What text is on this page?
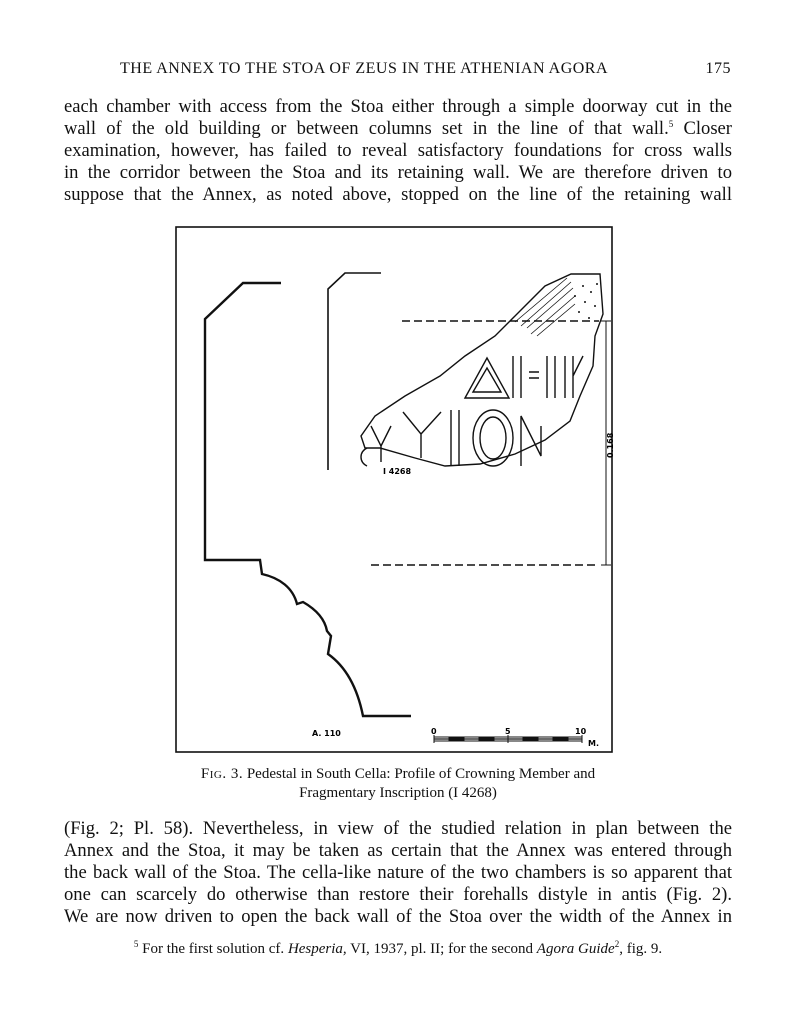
THE ANNEX TO THE STOA OF ZEUS IN THE ATHENIAN AGORA	175
each chamber with access from the Stoa either through a simple doorway cut in the
wall of the old building or between columns set in the line of that wall.$^5$ Closer
examination, however, has failed to reveal satisfactory foundations for cross walls
in the corridor between the Stoa and its retaining wall. We are therefore driven to
suppose that the Annex, as noted above, stopped on the line of the retaining wall
0.168
I 4268
A. 110	0	5	10
M.
Fig. 3. Pedestal in South Cella: Profile of Crowning Member and
Fragmentary Inscription (I 4268)
(Fig. 2; Pl. 58). Nevertheless, in view of the studied relation in plan between the
Annex and the Stoa, it may be taken as certain that the Annex was entered through
the back wall of the Stoa. The cella-like nature of the two chambers is so apparent that
one can scarcely do otherwise than restore their forehalls distyle in antis (Fig. 2).
We are now driven to open the back wall of the Stoa over the width of the Annex in
$^5$ For the first solution cf. Hesperia, VI, 1937, pl. II; for the second Agora Guide$^2$, fig. 9.
